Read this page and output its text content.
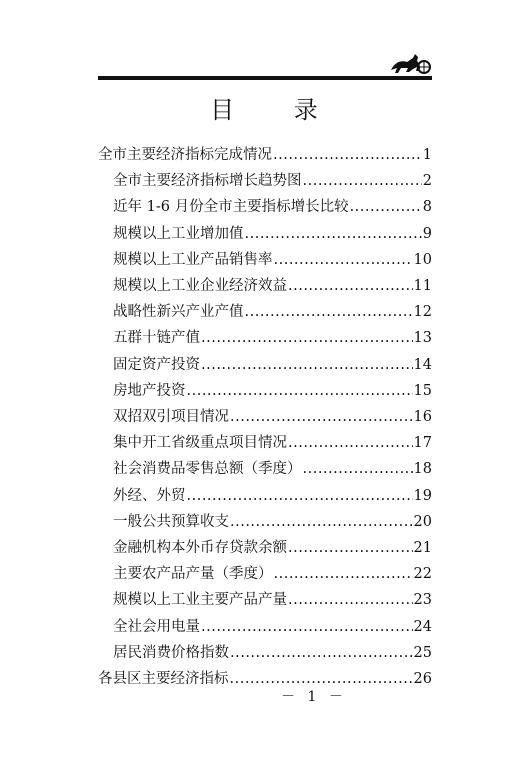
目 录
全市主要经济指标完成情况 .....	1
全市主要经济指标增长趋势图 .....	2
近年 1-6 月份全市主要指标增长比较 .....	8
规模以上工业增加值 .....	9
规模以上工业产品销售率 .....	10
规模以上工业企业经济效益 .....	11
战略性新兴产业产值 .....	12
五群十链产值 .....	13
固定资产投资 .....	14
房地产投资 .....	15
双招双引项目情况 .....	16
集中开工省级重点项目情况 .....	17
社会消费品零售总额（季度） .....	18
外经、外贸 .....	19
一般公共预算收支 .....	20
金融机构本外币存贷款余额 .....	21
主要农产品产量（季度） .....	22
规模以上工业主要产品产量 .....	23
全社会用电量 .....	24
居民消费价格指数 .....	25
各县区主要经济指标 .....	26
－ 1 －
